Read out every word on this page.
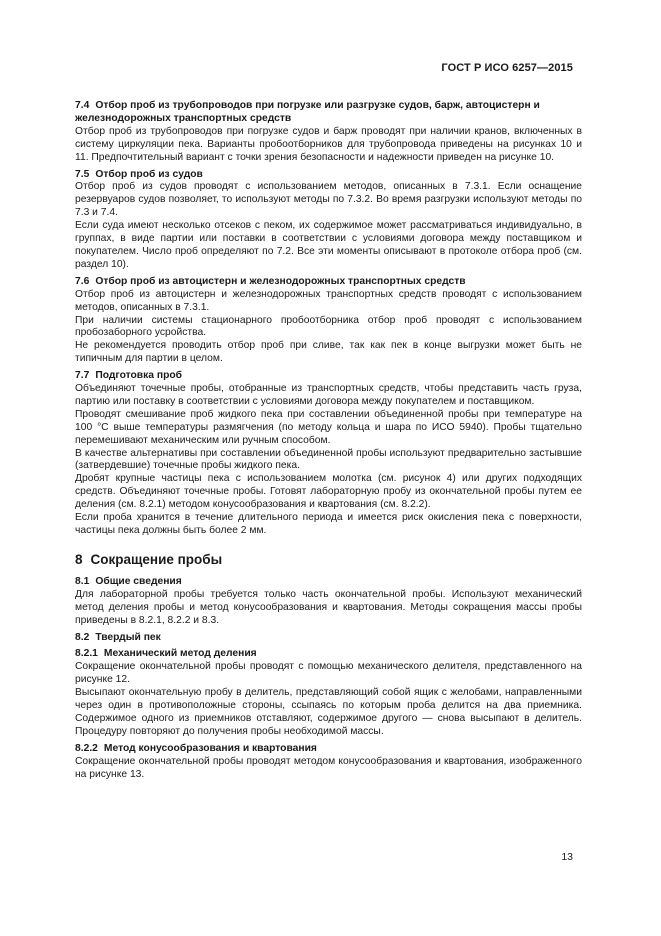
ГОСТ Р ИСО 6257—2015
7.4 Отбор проб из трубопроводов при погрузке или разгрузке судов, барж, автоцистерн и железнодорожных транспортных средств

Отбор проб из трубопроводов при погрузке судов и барж проводят при наличии кранов, включенных в систему циркуляции пека. Варианты пробоотборников для трубопровода приведены на рисунках 10 и 11. Предпочтительный вариант с точки зрения безопасности и надежности приведен на рисунке 10.

7.5 Отбор проб из судов

Отбор проб из судов проводят с использованием методов, описанных в 7.3.1. Если оснащение резервуаров судов позволяет, то используют методы по 7.3.2. Во время разгрузки используют методы по 7.3 и 7.4.

Если суда имеют несколько отсеков с пеком, их содержимое может рассматриваться индивидуально, в группах, в виде партии или поставки в соответствии с условиями договора между поставщиком и покупателем. Число проб определяют по 7.2. Все эти моменты описывают в протоколе отбора проб (см. раздел 10).

7.6 Отбор проб из автоцистерн и железнодорожных транспортных средств

Отбор проб из автоцистерн и железнодорожных транспортных средств проводят с использованием методов, описанных в 7.3.1.

При наличии системы стационарного пробоотборника отбор проб проводят с использованием пробозаборного усройства.

Не рекомендуется проводить отбор проб при сливе, так как пек в конце выгрузки может быть не типичным для партии в целом.

7.7 Подготовка проб

Объединяют точечные пробы, отобранные из транспортных средств, чтобы представить часть груза, партию или поставку в соответствии с условиями договора между покупателем и поставщиком.

Проводят смешивание проб жидкого пека при составлении объединенной пробы при температуре на 100 °С выше температуры размягчения (по методу кольца и шара по ИСО 5940). Пробы тщательно перемешивают механическим или ручным способом.

В качестве альтернативы при составлении объединенной пробы используют предварительно застывшие (затвердевшие) точечные пробы жидкого пека.

Дробят крупные частицы пека с использованием молотка (см. рисунок 4) или других подходящих средств. Объединяют точечные пробы. Готовят лабораторную пробу из окончательной пробы путем ее деления (см. 8.2.1) методом конусообразования и квартования (см. 8.2.2).

Если проба хранится в течение длительного периода и имеется риск окисления пека с поверхности, частицы пека должны быть более 2 мм.

8 Сокращение пробы
8.1 Общие сведения

Для лабораторной пробы требуется только часть окончательной пробы. Используют механический метод деления пробы и метод конусообразования и квартования. Методы сокращения массы пробы приведены в 8.2.1, 8.2.2 и 8.3.

8.2 Твердый пек
8.2.1 Механический метод деления

Сокращение окончательной пробы проводят с помощью механического делителя, представленного на рисунке 12.

Высыпают окончательную пробу в делитель, представляющий собой ящик с желобами, направленными через один в противоположные стороны, ссыпаясь по которым проба делится на два приемника. Содержимое одного из приемников отставляют, содержимое другого — снова высыпают в делитель. Процедуру повторяют до получения пробы необходимой массы.

8.2.2 Метод конусообразования и квартования

Сокращение окончательной пробы проводят методом конусообразования и квартования, изображенного на рисунке 13.

13
